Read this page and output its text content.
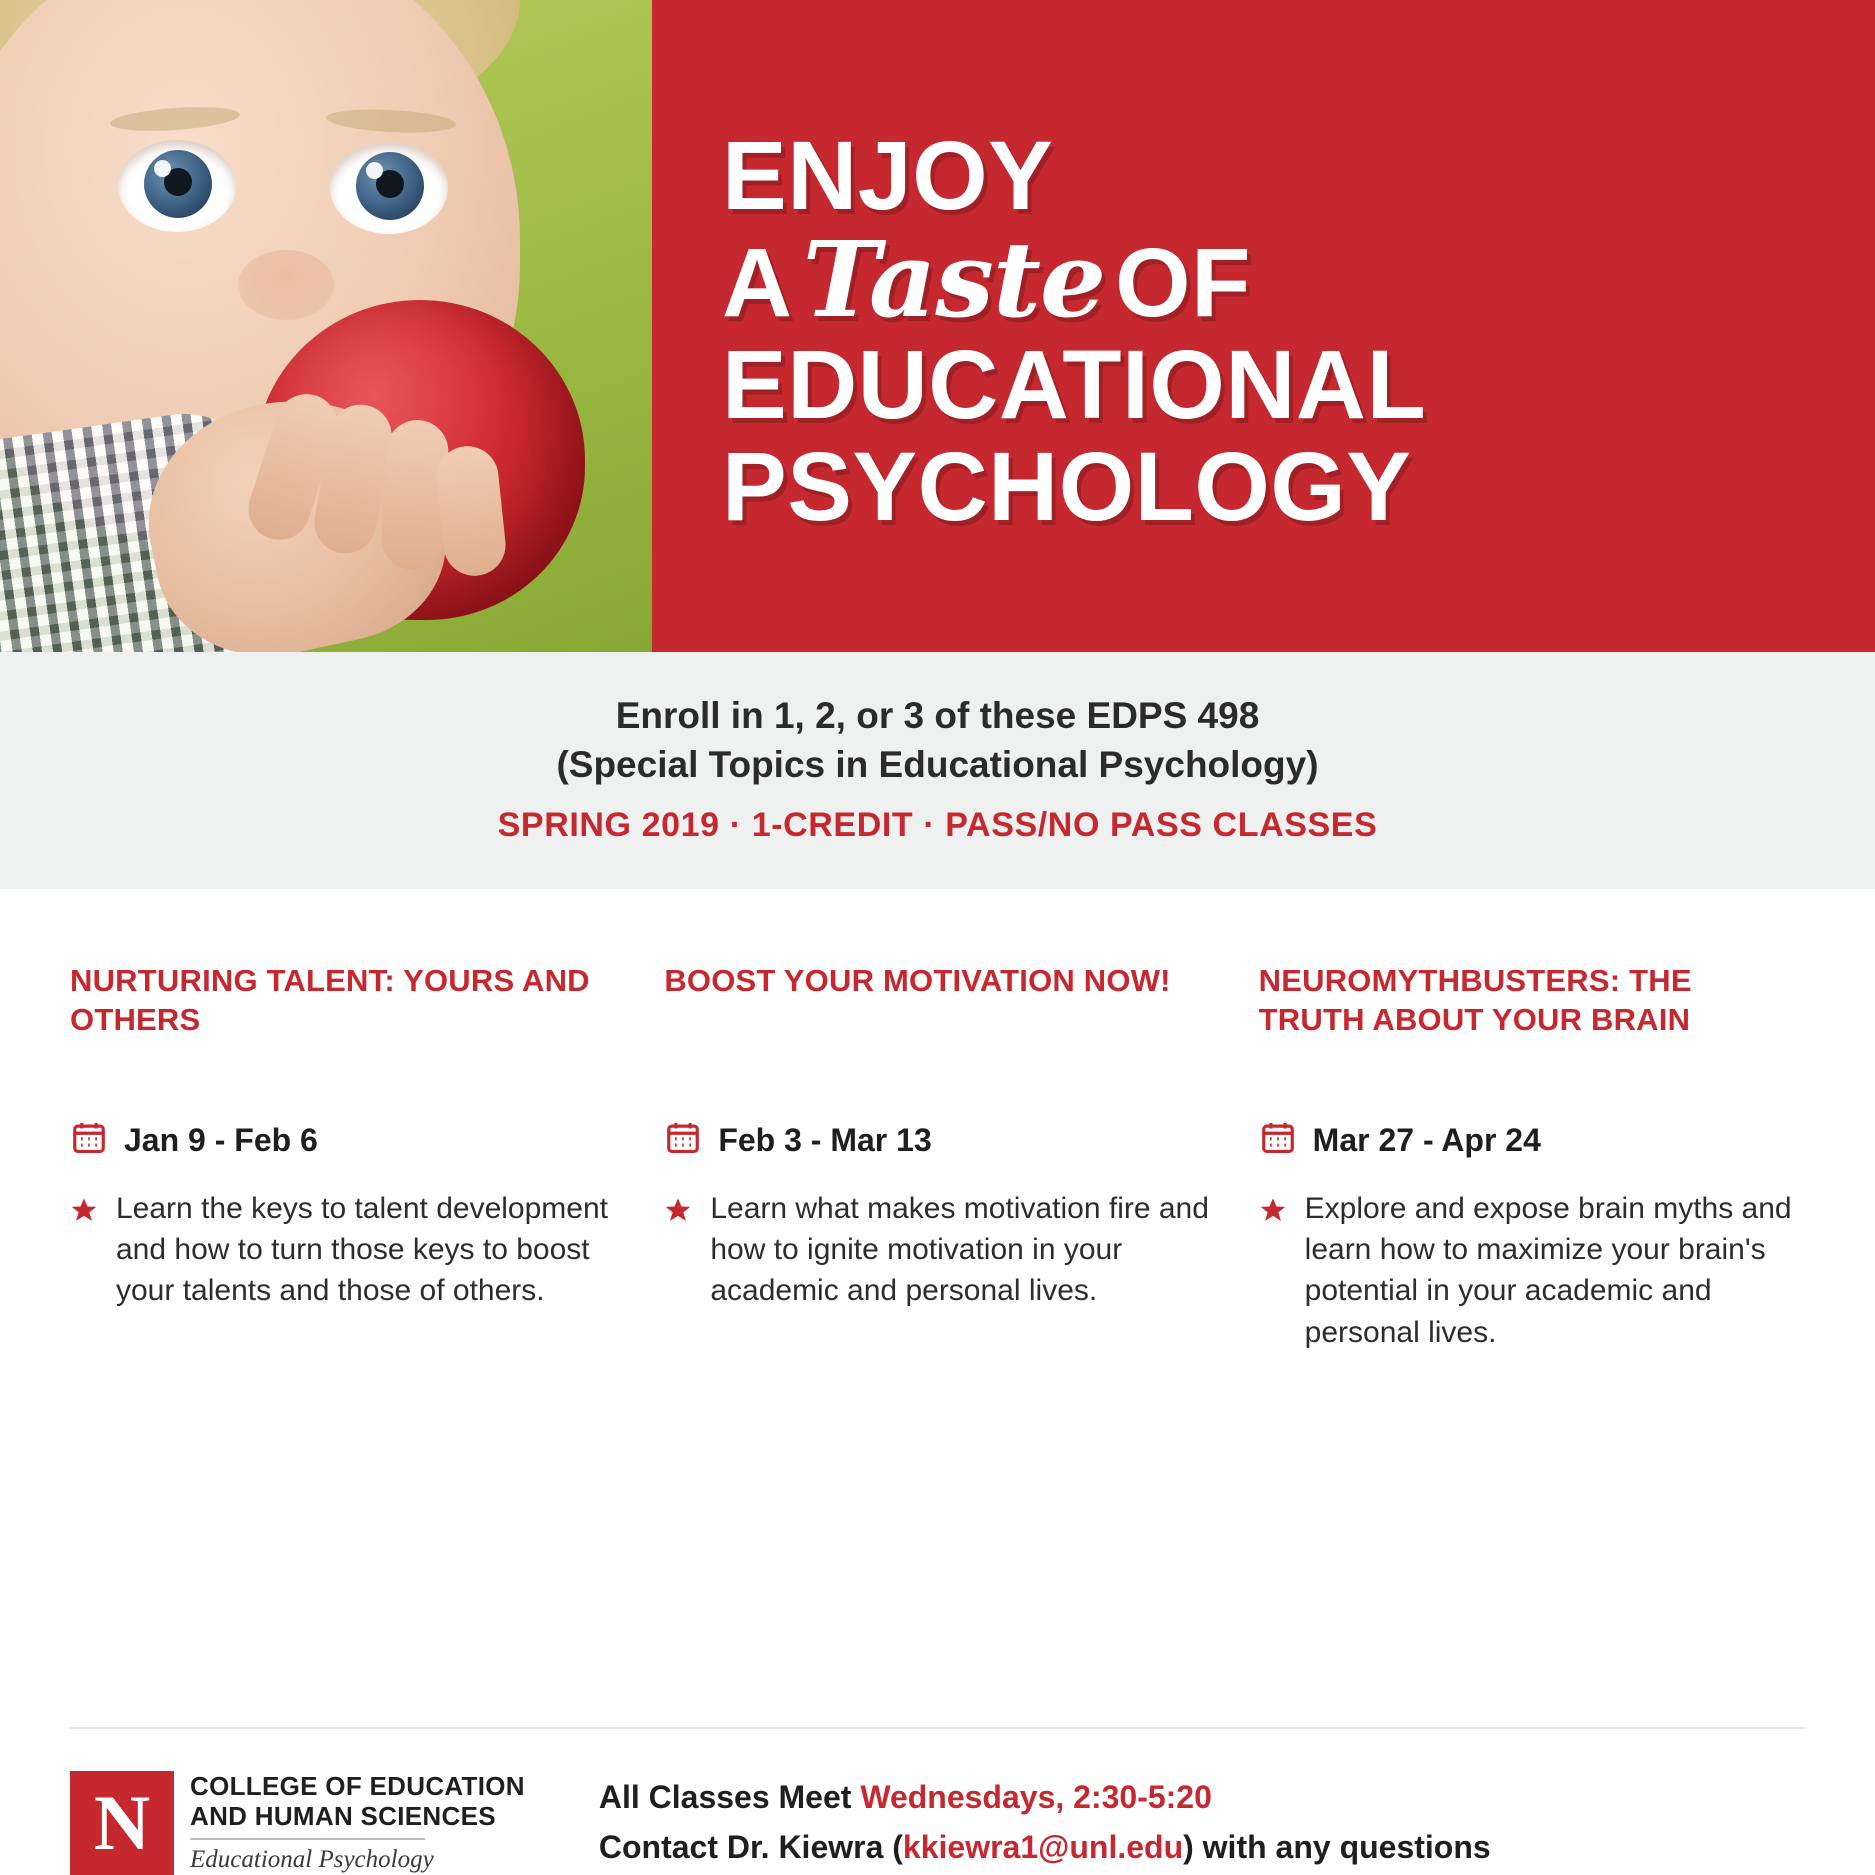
ENJOY
A Taste OF
EDUCATIONAL
PSYCHOLOGY
Enroll in 1, 2, or 3 of these EDPS 498
(Special Topics in Educational Psychology)
SPRING 2019 · 1-CREDIT · PASS/NO PASS CLASSES
NURTURING TALENT: YOURS AND OTHERS
Jan 9 - Feb 6
Learn the keys to talent development and how to turn those keys to boost your talents and those of others.
BOOST YOUR MOTIVATION NOW!
Feb 3 - Mar 13
Learn what makes motivation fire and how to ignite motivation in your academic and personal lives.
NEUROMYTHBUSTERS: THE TRUTH ABOUT YOUR BRAIN
Mar 27 - Apr 24
Explore and expose brain myths and learn how to maximize your brain's potential in your academic and personal lives.
N	COLLEGE OF EDUCATION
AND HUMAN SCIENCES
Educational Psychology
All Classes Meet Wednesdays, 2:30-5:20
Contact Dr. Kiewra (kkiewra1@unl.edu) with any questions
